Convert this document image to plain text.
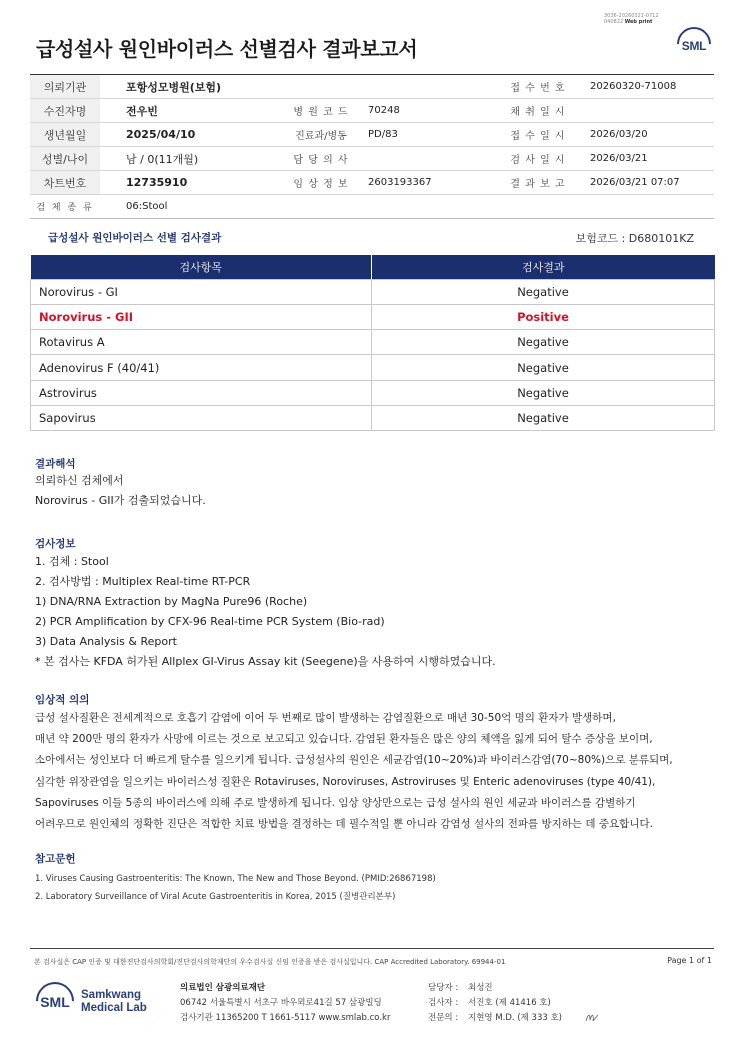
3036-20260321-0712
040822 Web print
급성설사 원인바이러스 선별검사 결과보고서	SML
의뢰기관	포항성모병원(보험)			접 수 번 호	20260320-71008
수진자명	전우빈	병 원 코 드	70248	채 취 일 시	
생년월일	2025/04/10	진료과/병동	PD/83	접 수 일 시	2026/03/20
성별/나이	남 / 0(11개월)	담 당 의 사		검 사 일 시	2026/03/21
차트번호	12735910	임 상 정 보	2603193367	결 과 보 고	2026/03/21 07:07
검 체 종 류	06:Stool				
급성설사 원인바이러스 선별 검사결과	보험코드 : D680101KZ
검사항목	검사결과
Norovirus - GI	Negative
Norovirus - GII	Positive
Rotavirus A	Negative
Adenovirus F (40/41)	Negative
Astrovirus	Negative
Sapovirus	Negative
결과해석
의뢰하신 검체에서
Norovirus - GII가 검출되었습니다.
검사정보
1. 검체 : Stool
2. 검사방법 : Multiplex Real-time RT-PCR
1) DNA/RNA Extraction by MagNa Pure96 (Roche)
2) PCR Amplification by CFX-96 Real-time PCR System (Bio-rad)
3) Data Analysis & Report
* 본 검사는 KFDA 허가된 Allplex GI-Virus Assay kit (Seegene)을 사용하여 시행하였습니다.
임상적 의의
급성 설사질환은 전세계적으로 호흡기 감염에 이어 두 번째로 많이 발생하는 감염질환으로 매년 30-50억 명의 환자가 발생하며,
매년 약 200만 명의 환자가 사망에 이르는 것으로 보고되고 있습니다. 감염된 환자들은 많은 양의 체액을 잃게 되어 탈수 증상을 보이며,
소아에서는 성인보다 더 빠르게 탈수를 일으키게 됩니다. 급성설사의 원인은 세균감염(10~20%)과 바이러스감염(70~80%)으로 분류되며,
심각한 위장관염을 일으키는 바이러스성 질환은 Rotaviruses, Noroviruses, Astroviruses 및 Enteric adenoviruses (type 40/41),
Sapoviruses 이들 5종의 바이러스에 의해 주로 발생하게 됩니다. 임상 양상만으로는 급성 설사의 원인 세균과 바이러스를 감별하기
어려우므로 원인체의 정확한 진단은 적합한 치료 방법을 결정하는 데 필수적일 뿐 아니라 감염성 설사의 전파를 방지하는 데 중요합니다.
참고문헌
1. Viruses Causing Gastroenteritis: The Known, The New and Those Beyond. (PMID:26867198)
2. Laboratory Surveillance of Viral Acute Gastroenteritis in Korea, 2015 (질병관리본부)
본 검사실은 CAP 인증 및 대한진단검사의학회/진단검사의학재단의 우수검사실 신임 인증을 받은 검사실입니다. CAP Accredited Laboratory. 69944-01	Page 1 of 1
SML Samkwang
Medical Lab
의료법인 삼광의료재단
06742 서울특별시 서초구 바우뫼로41길 57 삼광빌딩
검사기관 11365200 T 1661-5117 www.smlab.co.kr
담당자 :	최성진
검사자 :	서진호 (제 41416 호)
전문의 :	지현영 M.D. (제 333 호)
